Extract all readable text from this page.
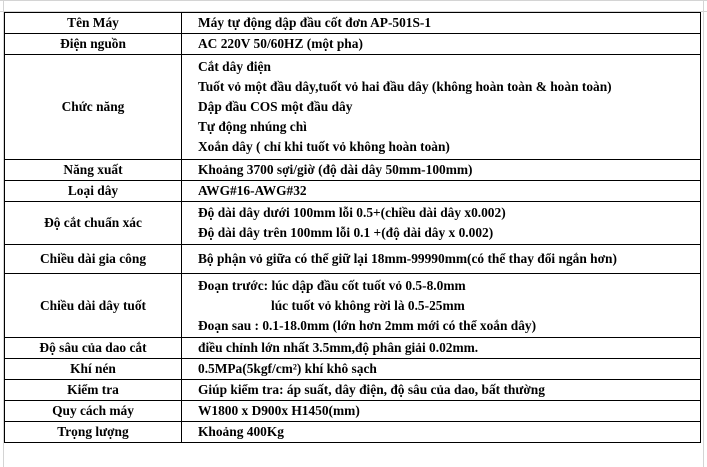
Tên Máy	Máy tự động dập đầu cốt đơn AP-501S-1

Điện nguồn	AC 220V 50/60HZ (một pha)

Chức năng	Cắt dây điện
Tuốt vỏ một đầu dây,tuốt vỏ hai đầu dây (không hoàn toàn & hoàn toàn)
Dập đầu COS một đầu dây
Tự động nhúng chì
Xoắn dây ( chỉ khi tuốt vỏ không hoàn toàn)

Năng xuất	Khoảng 3700 sợi/giờ (độ dài dây 50mm-100mm)

Loại dây	AWG#16-AWG#32

Độ cắt chuẩn xác	Độ dài dây dưới 100mm lỗi 0.5+(chiều dài dây x0.002)
Độ dài dây trên 100mm lỗi 0.1 +(độ dài dây x 0.002)

Chiều dài gia công	Bộ phận vỏ giữa có thể giữ lại 18mm-99990mm(có thể thay đổi ngắn hơn)

Chiều dài dây tuốt	Đoạn trước: lúc dập đầu cốt tuốt vỏ 0.5-8.0mm
lúc tuốt vỏ không rời là 0.5-25mm
Đoạn sau : 0.1-18.0mm (lớn hơn 2mm mới có thể xoắn dây)

Độ sâu của dao cắt	điều chỉnh lớn nhất 3.5mm,độ phân giải 0.02mm.

Khí nén	0.5MPa(5kgf/cm²) khí khô sạch

Kiểm tra	Giúp kiểm tra: áp suất, dây điện, độ sâu của dao, bất thường

Quy cách máy	W1800 x D900x H1450(mm)

Trọng lượng	Khoảng 400Kg
